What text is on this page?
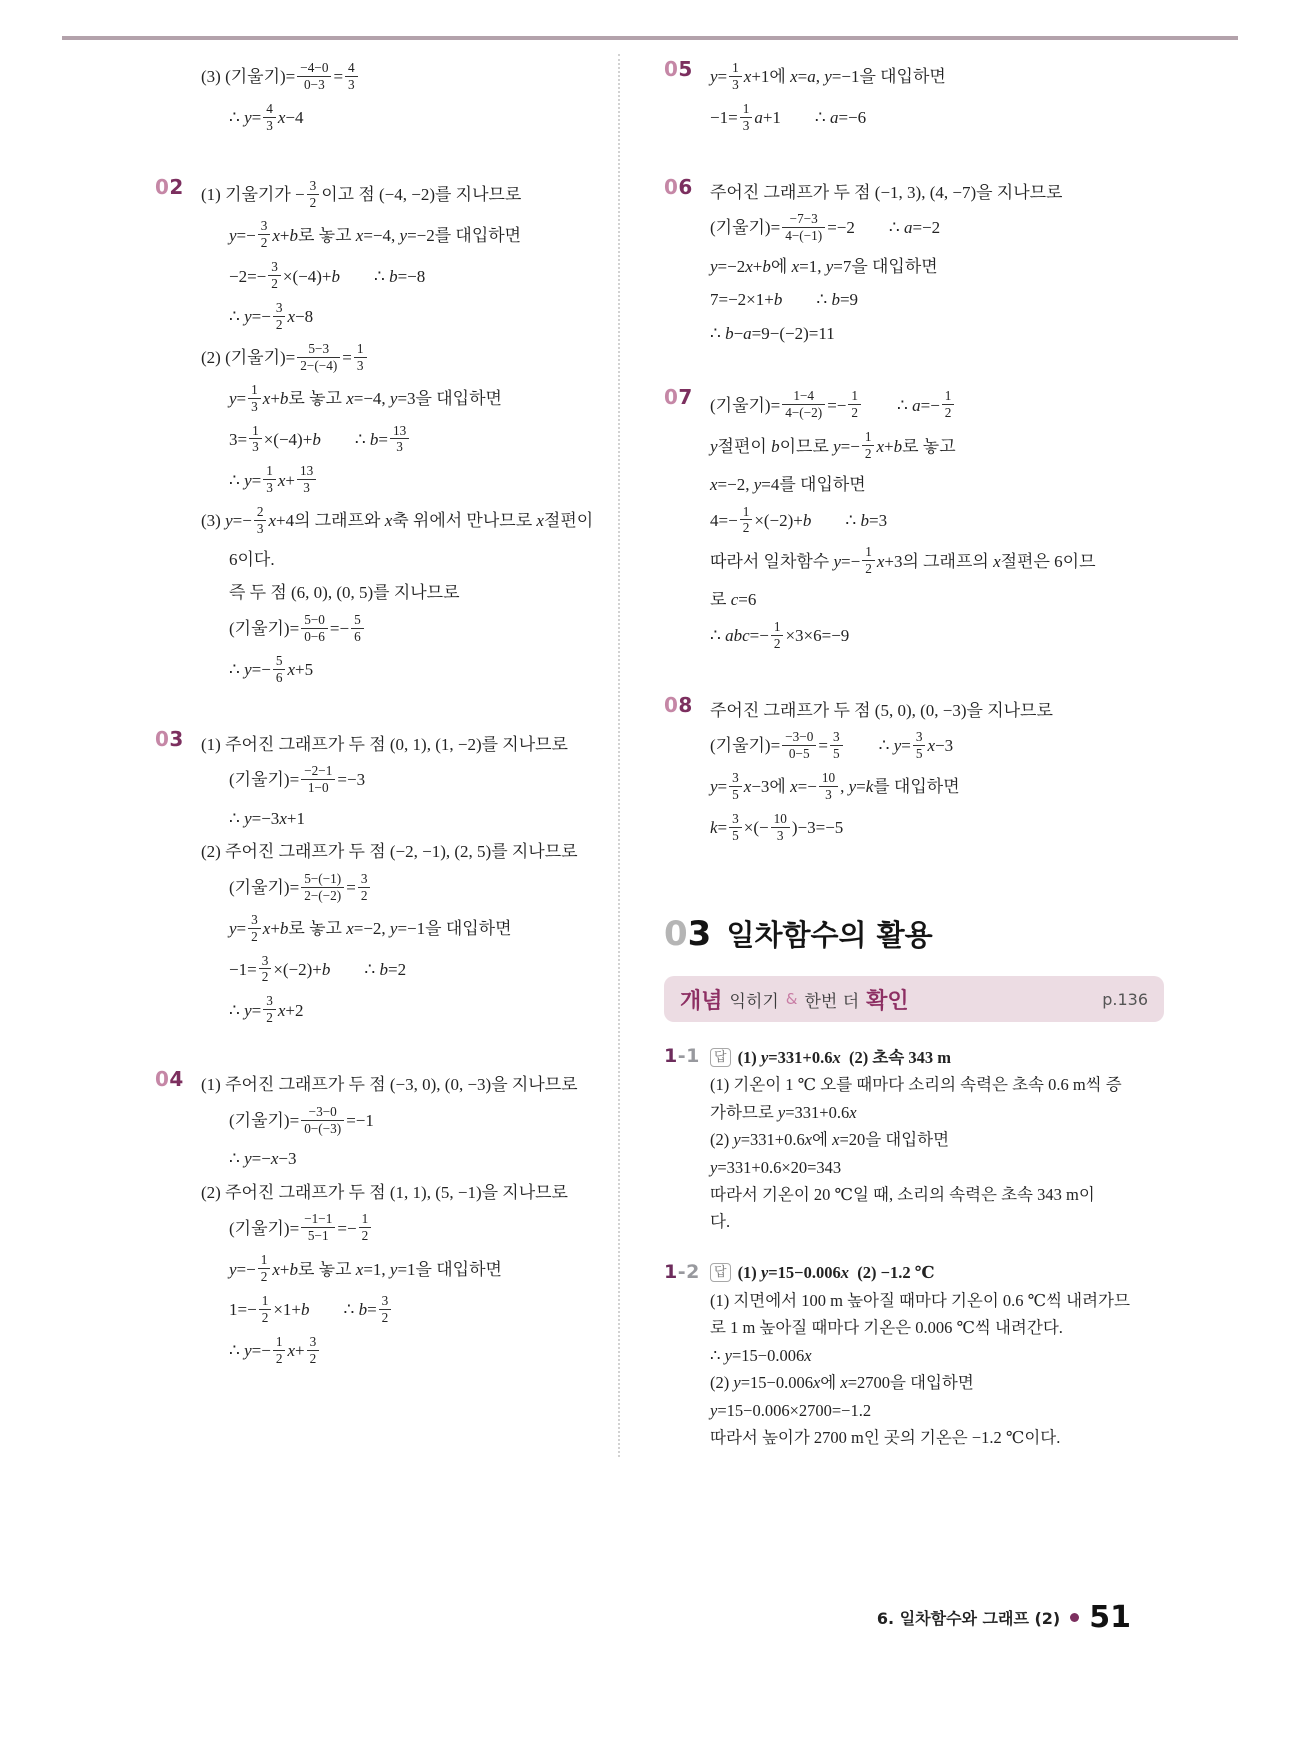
(3) (기울기)= $\frac{-4-0}{0-3} = \frac{4}{3}$
∴ $y= \frac{4}{3} x-4$
02	(1) 기울기가 − $\frac{3}{2}$ 이고 점 (−4, −2)를 지나므로
$y=- \frac{3}{2} x+b$로 놓고 x=−4, y=−2를 대입하면
$-2=- \frac{3}{2} \times(-4)+b$  ∴ b=−8
∴ $y=- \frac{3}{2} x-8$
(2) (기울기)= $\frac{5-3}{2-(-4)} = \frac{1}{3}$
$y= \frac{1}{3} x+b$로 놓고 x=−4, y=3을 대입하면
$3= \frac{1}{3} \times(-4)+b$  ∴ $b= \frac{13}{3}$
∴ $y= \frac{1}{3} x+ \frac{13}{3}$
(3) $y=- \frac{2}{3} x+4$의 그래프와 x축 위에서 만나므로 x절편이
6이다.
즉 두 점 (6, 0), (0, 5)를 지나므로
(기울기)= $\frac{5-0}{0-6} =- \frac{5}{6}$
∴ $y=- \frac{5}{6} x+5$
03	(1) 주어진 그래프가 두 점 (0, 1), (1, −2)를 지나므로
(기울기)= $\frac{-2-1}{1-0} =-3$
∴ y=−3x+1
(2) 주어진 그래프가 두 점 (−2, −1), (2, 5)를 지나므로
(기울기)= $\frac{5-(-1)}{2-(-2)} = \frac{3}{2}$
$y= \frac{3}{2} x+b$로 놓고 x=−2, y=−1을 대입하면
$-1= \frac{3}{2} \times(-2)+b$  ∴ b=2
∴ $y= \frac{3}{2} x+2$
04	(1) 주어진 그래프가 두 점 (−3, 0), (0, −3)을 지나므로
(기울기)= $\frac{-3-0}{0-(-3)} =-1$
∴ y=−x−3
(2) 주어진 그래프가 두 점 (1, 1), (5, −1)을 지나므로
(기울기)= $\frac{-1-1}{5-1} =- \frac{1}{2}$
$y=- \frac{1}{2} x+b$로 놓고 x=1, y=1을 대입하면
$1=- \frac{1}{2} \times 1+b$  ∴ $b= \frac{3}{2}$
∴ $y=- \frac{1}{2} x+ \frac{3}{2}$
05	$y= \frac{1}{3} x+1$에 x=a, y=−1을 대입하면
$-1= \frac{1}{3} a+1$  ∴ a=−6
06	주어진 그래프가 두 점 (−1, 3), (4, −7)을 지나므로
(기울기)= $\frac{-7-3}{4-(-1)} =-2$  ∴ a=−2
y=−2x+b에 x=1, y=7을 대입하면
7=−2×1+b  ∴ b=9
∴ b−a=9−(−2)=11
07	(기울기)= $\frac{1-4}{4-(-2)} =- \frac{1}{2}$   ∴ $a=- \frac{1}{2}$
y절편이 b이므로 $y=- \frac{1}{2} x+b$로 놓고
x=−2, y=4를 대입하면
$4=- \frac{1}{2} \times(-2)+b$  ∴ b=3
따라서 일차함수 $y=- \frac{1}{2} x+3$의 그래프의 x절편은 6이므
로 c=6
∴ $abc=- \frac{1}{2} \times 3\times 6=-9$
08	주어진 그래프가 두 점 (5, 0), (0, −3)을 지나므로
(기울기)= $\frac{-3-0}{0-5} = \frac{3}{5}$   ∴ $y= \frac{3}{5} x-3$
$y= \frac{3}{5} x-3$에 $x=- \frac{10}{3}$ , y=k를 대입하면
$k= \frac{3}{5}$ ×(− $\frac{10}{3} )-3=-5$
03 일차함수의 활용
개념 익히기 & 한번 더 확인	p.136
1-1	답 (1) y=331+0.6x (2) 초속 343 m
(1) 기온이 1 ℃ 오를 때마다 소리의 속력은 초속 0.6 m씩 증
가하므로 y=331+0.6x
(2) y=331+0.6x에 x=20을 대입하면
y=331+0.6×20=343
따라서 기온이 20 ℃일 때, 소리의 속력은 초속 343 m이
다.
1-2	답 (1) y=15−0.006x (2) −1.2 ℃
(1) 지면에서 100 m 높아질 때마다 기온이 0.6 ℃씩 내려가므
로 1 m 높아질 때마다 기온은 0.006 ℃씩 내려간다.
∴ y=15−0.006x
(2) y=15−0.006x에 x=2700을 대입하면
y=15−0.006×2700=−1.2
따라서 높이가 2700 m인 곳의 기온은 −1.2 ℃이다.
6. 일차함수와 그래프 (2) 51
